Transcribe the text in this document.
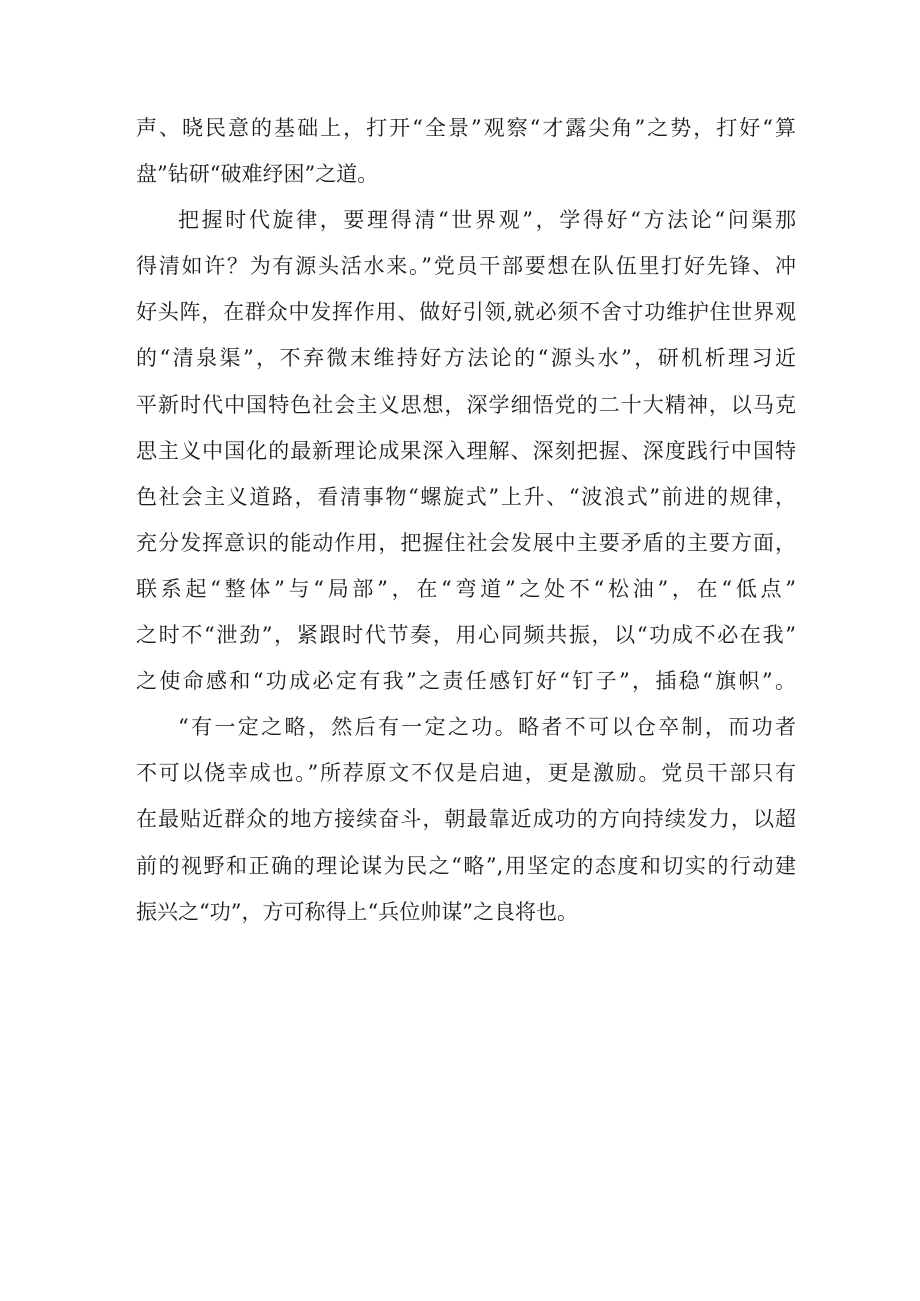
声、晓民意的基础上，打开“全景”观察“才露尖角”之势，打好“算
盘”钻研“破难纾困”之道。
把握时代旋律，要理得清“世界观”，学得好“方法论“问渠那
得清如许？为有源头活水来。”党员干部要想在队伍里打好先锋、冲
好头阵，在群众中发挥作用、做好引领,就必须不舍寸功维护住世界观
的“清泉渠”，不弃微末维持好方法论的“源头水”，研机析理习近
平新时代中国特色社会主义思想，深学细悟党的二十大精神，以马克
思主义中国化的最新理论成果深入理解、深刻把握、深度践行中国特
色社会主义道路，看清事物“螺旋式”上升、“波浪式”前进的规律，
充分发挥意识的能动作用，把握住社会发展中主要矛盾的主要方面，
联系起“整体”与“局部”，在“弯道”之处不“松油”，在“低点”
之时不“泄劲”，紧跟时代节奏，用心同频共振，以“功成不必在我”
之使命感和“功成必定有我”之责任感钉好“钉子”，插稳“旗帜”。
“有一定之略，然后有一定之功。略者不可以仓卒制，而功者
不可以侥幸成也。”所荐原文不仅是启迪，更是激励。党员干部只有
在最贴近群众的地方接续奋斗，朝最靠近成功的方向持续发力，以超
前的视野和正确的理论谋为民之“略”,用坚定的态度和切实的行动建
振兴之“功”，方可称得上“兵位帅谋”之良将也。
